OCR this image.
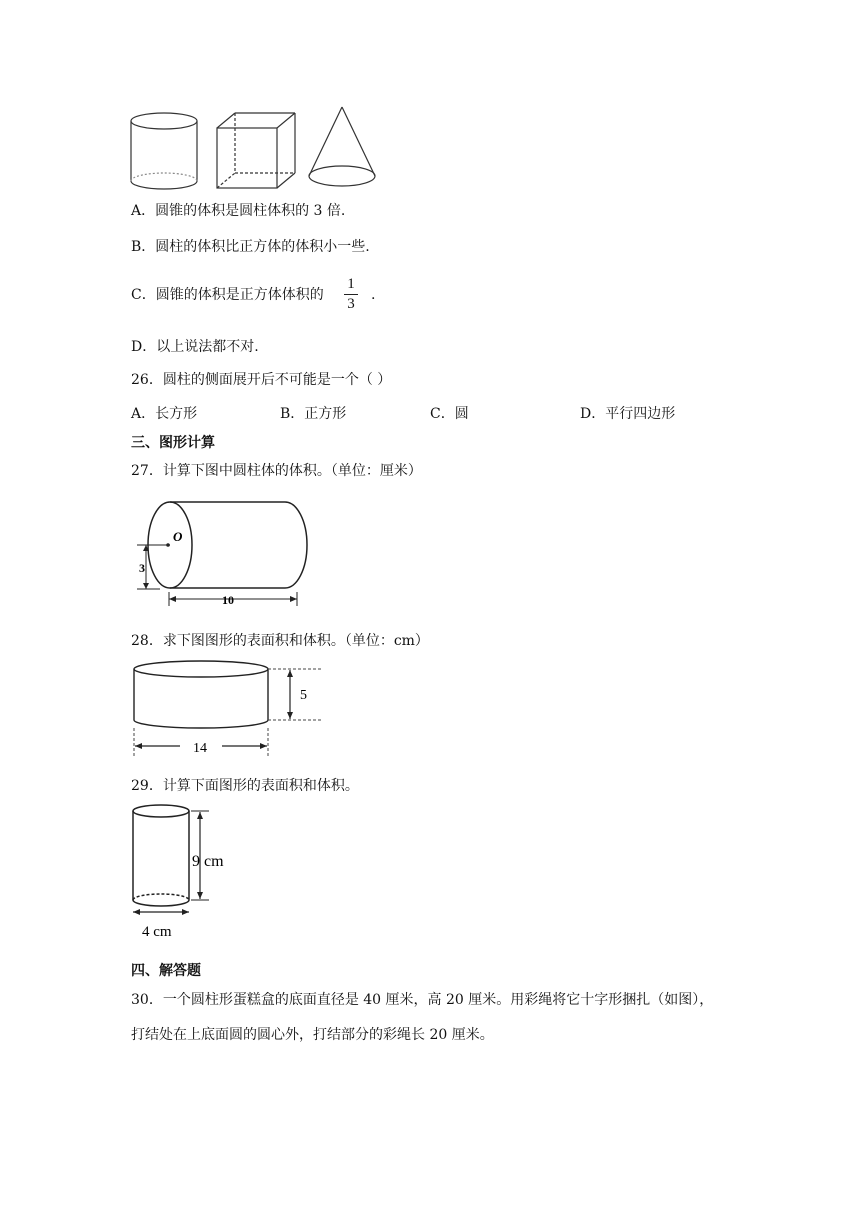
A．圆锥的体积是圆柱体积的 3 倍.
B．圆柱的体积比正方体的体积小一些.
C．圆锥的体积是正方体体积的
1
3
.
D．以上说法都不对.
26．圆柱的侧面展开后不可能是一个（ ）
A．长方形	B．正方形	C．圆	D．平行四边形
三、图形计算
27．计算下图中圆柱体的体积。（单位：厘米）
O
3
10
28．求下图图形的表面积和体积。（单位：cm）
5
14
29．计算下面图形的表面积和体积。
9 cm
4 cm
四、解答题
30．一个圆柱形蛋糕盒的底面直径是 40 厘米，高 20 厘米。用彩绳将它十字形捆扎（如图），
打结处在上底面圆的圆心外，打结部分的彩绳长 20 厘米。
